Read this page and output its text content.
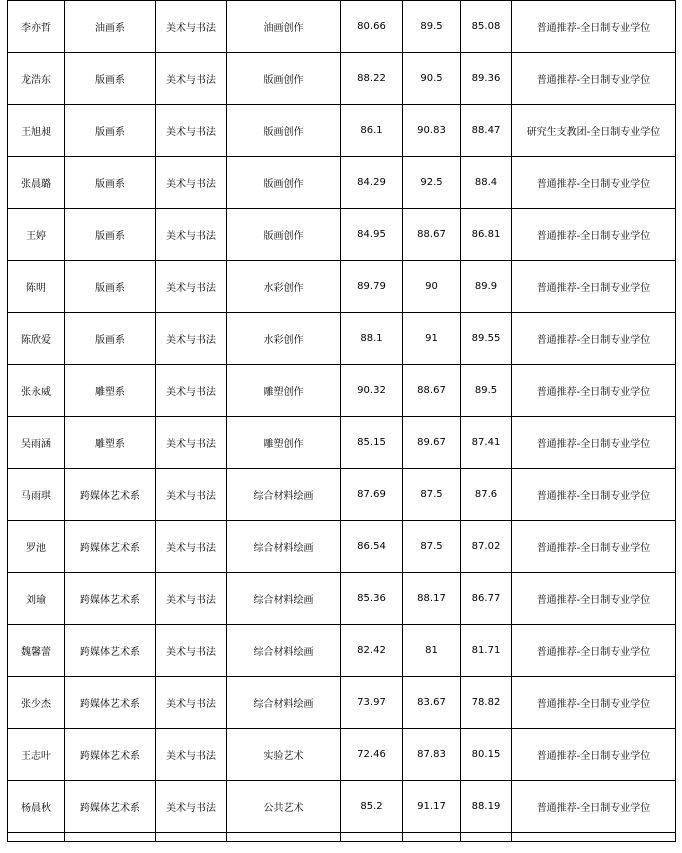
李亦哲	油画系	美术与书法	油画创作	80.66	89.5	85.08	普通推荐-全日制专业学位
龙浩东	版画系	美术与书法	版画创作	88.22	90.5	89.36	普通推荐-全日制专业学位
王旭昶	版画系	美术与书法	版画创作	86.1	90.83	88.47	研究生支教团-全日制专业学位
张晨璐	版画系	美术与书法	版画创作	84.29	92.5	88.4	普通推荐-全日制专业学位
王婷	版画系	美术与书法	版画创作	84.95	88.67	86.81	普通推荐-全日制专业学位
陈明	版画系	美术与书法	水彩创作	89.79	90	89.9	普通推荐-全日制专业学位
陈欣爱	版画系	美术与书法	水彩创作	88.1	91	89.55	普通推荐-全日制专业学位
张永威	雕塑系	美术与书法	雕塑创作	90.32	88.67	89.5	普通推荐-全日制专业学位
吴雨涵	雕塑系	美术与书法	雕塑创作	85.15	89.67	87.41	普通推荐-全日制专业学位
马雨琪	跨媒体艺术系	美术与书法	综合材料绘画	87.69	87.5	87.6	普通推荐-全日制专业学位
罗池	跨媒体艺术系	美术与书法	综合材料绘画	86.54	87.5	87.02	普通推荐-全日制专业学位
刘瑜	跨媒体艺术系	美术与书法	综合材料绘画	85.36	88.17	86.77	普通推荐-全日制专业学位
魏馨蕾	跨媒体艺术系	美术与书法	综合材料绘画	82.42	81	81.71	普通推荐-全日制专业学位
张少杰	跨媒体艺术系	美术与书法	综合材料绘画	73.97	83.67	78.82	普通推荐-全日制专业学位
王志叶	跨媒体艺术系	美术与书法	实验艺术	72.46	87.83	80.15	普通推荐-全日制专业学位
杨晨秋	跨媒体艺术系	美术与书法	公共艺术	85.2	91.17	88.19	普通推荐-全日制专业学位
